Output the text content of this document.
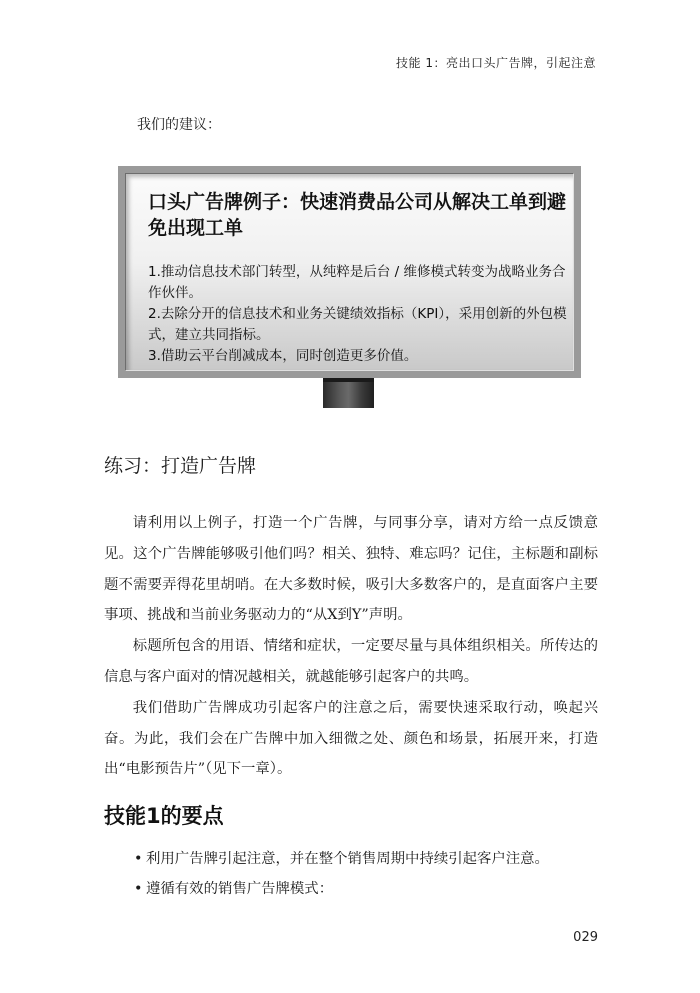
技能 1：亮出口头广告牌，引起注意
我们的建议：
口头广告牌例子：快速消费品公司从解决工单到避免出现工单
1.推动信息技术部门转型，从纯粹是后台 / 维修模式转变为战略业务合作伙伴。
2.去除分开的信息技术和业务关键绩效指标（KPI），采用创新的外包模式，建立共同指标。
3.借助云平台削减成本，同时创造更多价值。
练习：打造广告牌

请利用以上例子，打造一个广告牌，与同事分享，请对方给一点反馈意见。这个广告牌能够吸引他们吗？相关、独特、难忘吗？记住，主标题和副标题不需要弄得花里胡哨。在大多数时候，吸引大多数客户的，是直面客户主要事项、挑战和当前业务驱动力的“从X到Y”声明。

标题所包含的用语、情绪和症状，一定要尽量与具体组织相关。所传达的信息与客户面对的情况越相关，就越能够引起客户的共鸣。

我们借助广告牌成功引起客户的注意之后，需要快速采取行动，唤起兴奋。为此，我们会在广告牌中加入细微之处、颜色和场景，拓展开来，打造出“电影预告片”（见下一章）。

技能1的要点
• 利用广告牌引起注意，并在整个销售周期中持续引起客户注意。
• 遵循有效的销售广告牌模式：
029
